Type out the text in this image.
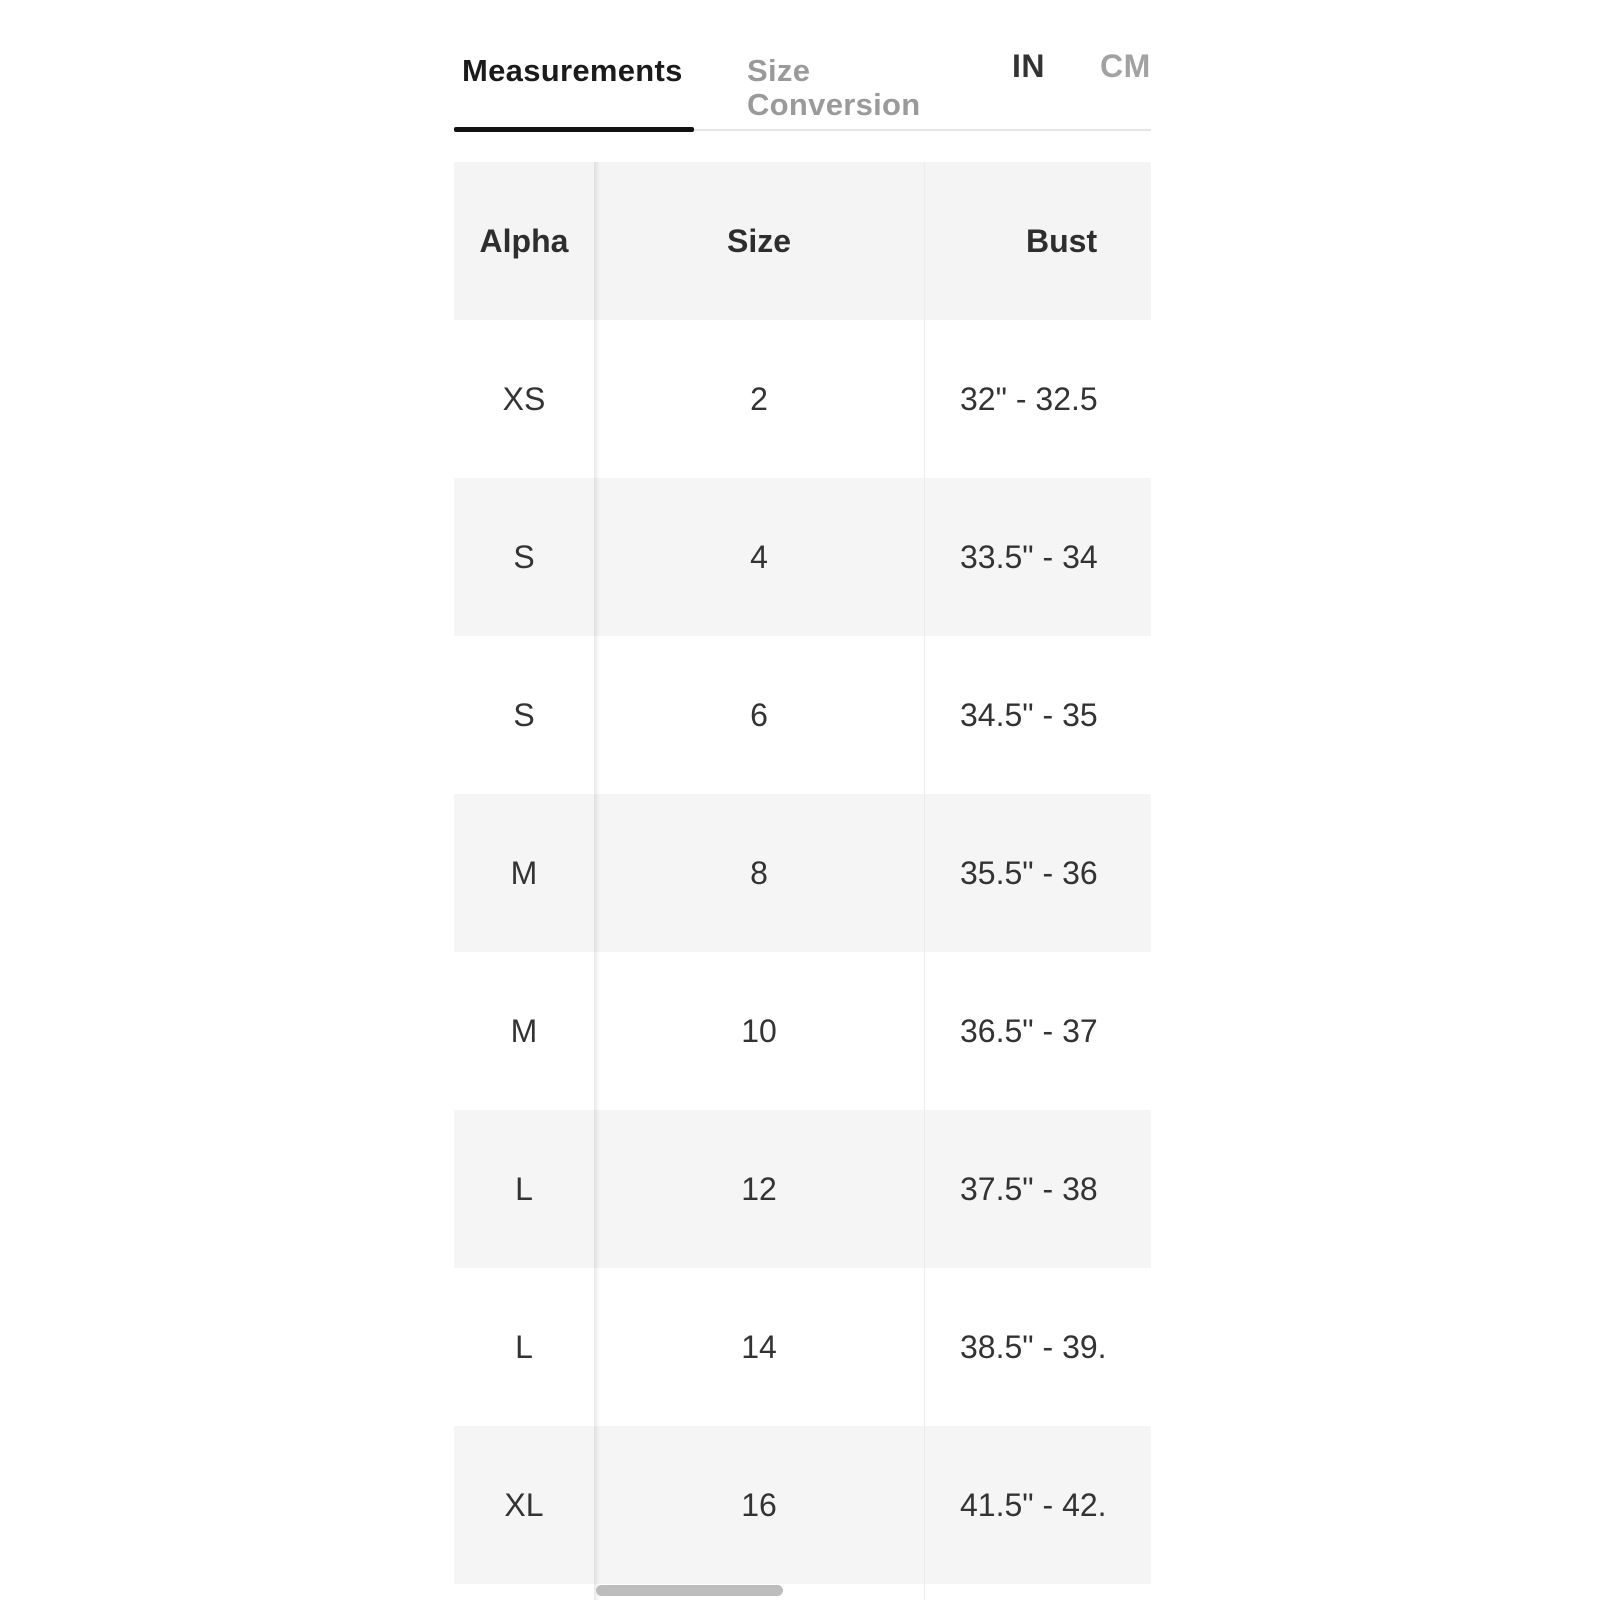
Measurements Size Conversion
IN CM
Alpha	Size	Bust
XS	2	32" - 32.5
S	4	33.5" - 34
S	6	34.5" - 35
M	8	35.5" - 36
M	10	36.5" - 37
L	12	37.5" - 38
L	14	38.5" - 39.
XL	16	41.5" - 42.
